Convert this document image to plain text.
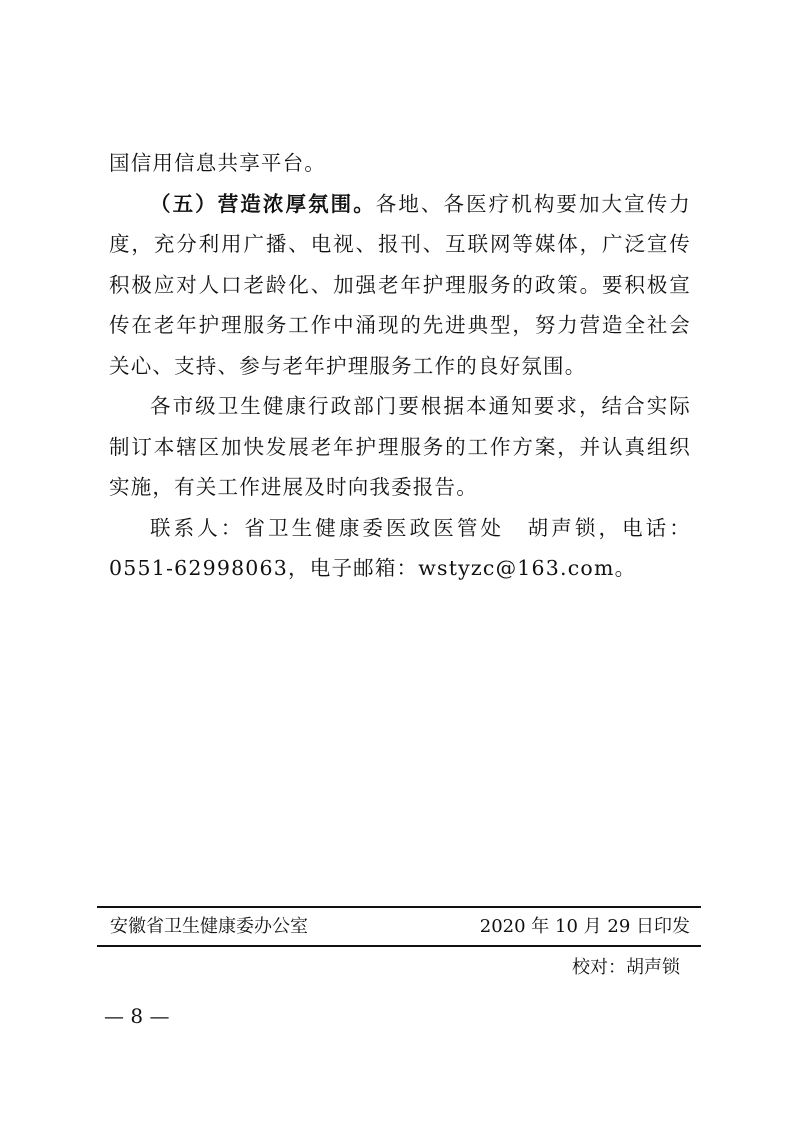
国信用信息共享平台。

（五）营造浓厚氛围。各地、各医疗机构要加大宣传力度，充分利用广播、电视、报刊、互联网等媒体，广泛宣传积极应对人口老龄化、加强老年护理服务的政策。要积极宣传在老年护理服务工作中涌现的先进典型，努力营造全社会关心、支持、参与老年护理服务工作的良好氛围。

各市级卫生健康行政部门要根据本通知要求，结合实际制订本辖区加快发展老年护理服务的工作方案，并认真组织实施，有关工作进展及时向我委报告。

联系人：省卫生健康委医政医管处　胡声锁，电话：0551-62998063，电子邮箱：wstyzc@163.com。

安徽省卫生健康委办公室	2020 年 10 月 29 日印发
校对：胡声锁
— 8 —
